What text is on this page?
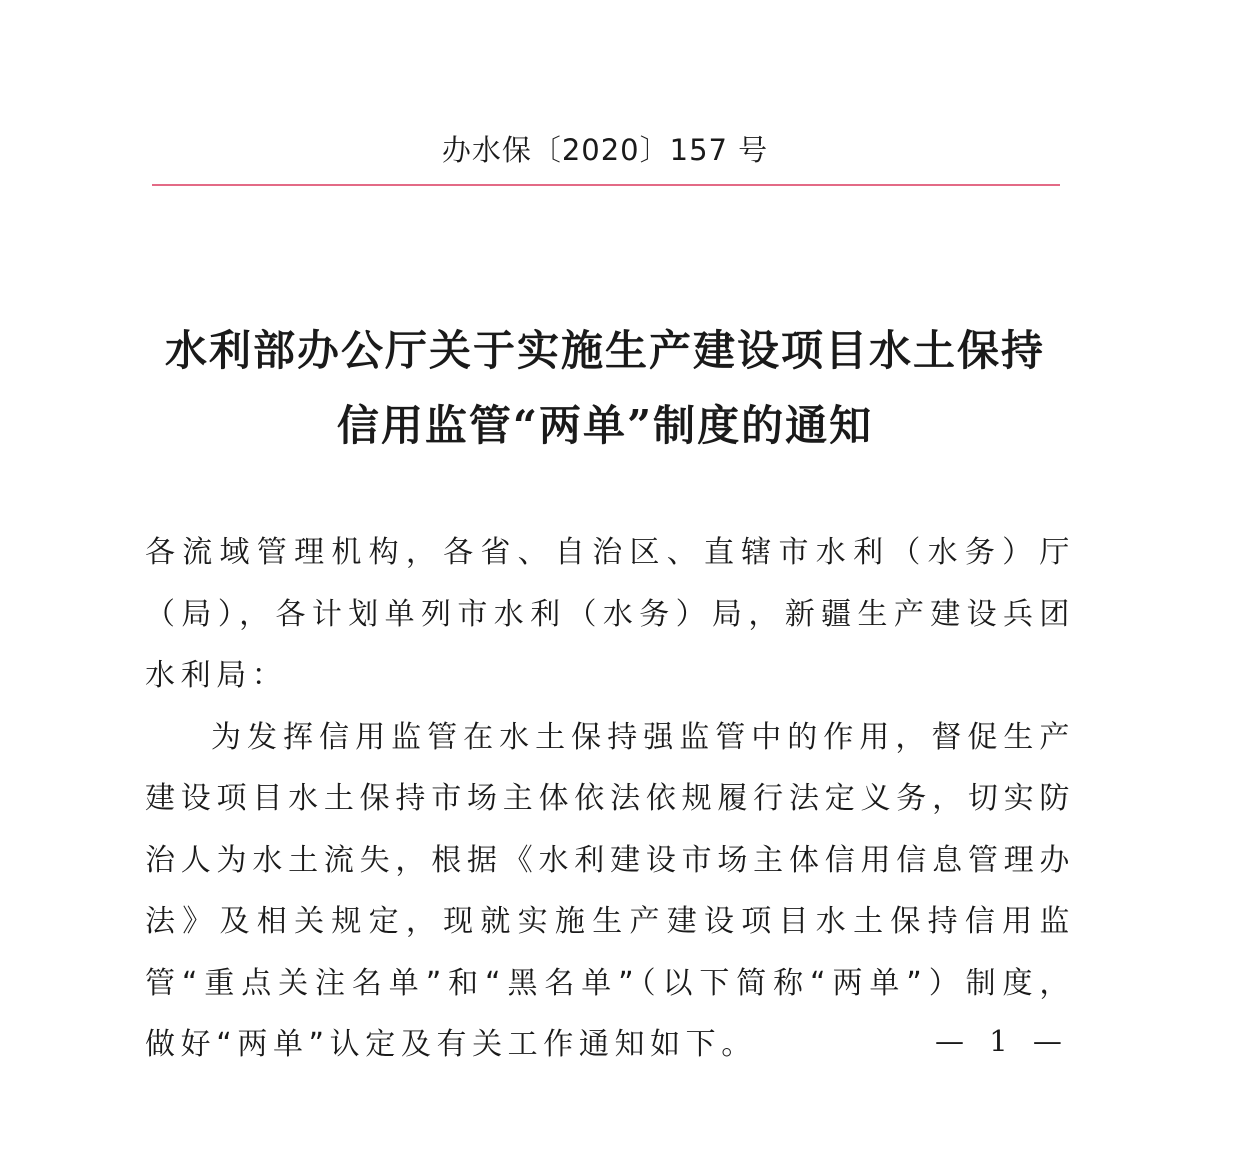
办水保〔2020〕157 号
水利部办公厅关于实施生产建设项目水土保持
信用监管“两单”制度的通知

各流域管理机构，各省、自治区、直辖市水利（水务）厅（局），各计划单列市水利（水务）局，新疆生产建设兵团水利局：

为发挥信用监管在水土保持强监管中的作用，督促生产建设项目水土保持市场主体依法依规履行法定义务，切实防治人为水土流失，根据《水利建设市场主体信用信息管理办法》及相关规定，现就实施生产建设项目水土保持信用监管“重点关注名单”和“黑名单”（以下简称“两单”）制度，做好“两单”认定及有关工作通知如下。	— 1 —
